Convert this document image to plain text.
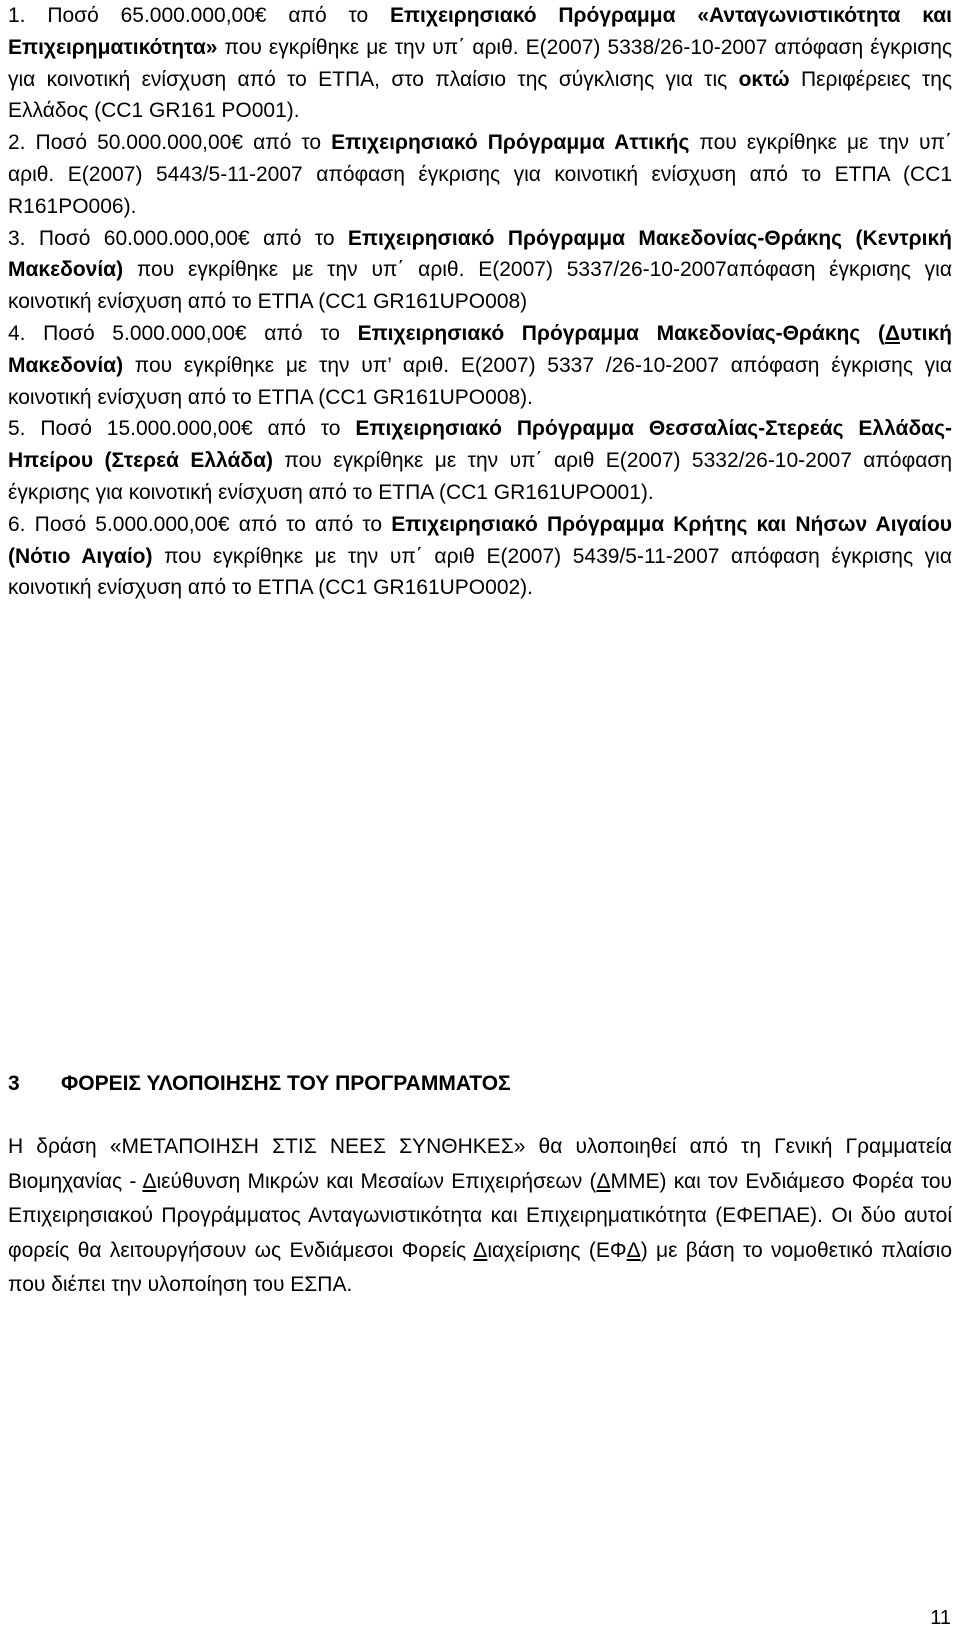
1. Ποσό 65.000.000,00€ από το Επιχειρησιακό Πρόγραμμα «Ανταγωνιστικότητα και Επιχειρηματικότητα» που εγκρίθηκε με την υπ΄ αριθ. Ε(2007) 5338/26-10-2007 απόφαση έγκρισης για κοινοτική ενίσχυση από το ΕΤΠΑ, στο πλαίσιο της σύγκλισης για τις οκτώ Περιφέρειες της Ελλάδος (CC1 GR161 PO001).

2. Ποσό 50.000.000,00€ από το Επιχειρησιακό Πρόγραμμα Αττικής που εγκρίθηκε με την υπ΄ αριθ. Ε(2007) 5443/5-11-2007 απόφαση έγκρισης για κοινοτική ενίσχυση από το ΕΤΠΑ (CC1 R161PO006).

3. Ποσό 60.000.000,00€ από το Επιχειρησιακό Πρόγραμμα Μακεδονίας-Θράκης (Κεντρική Μακεδονία) που εγκρίθηκε με την υπ΄ αριθ. Ε(2007) 5337/26-10-2007απόφαση έγκρισης για κοινοτική ενίσχυση από το ΕΤΠΑ (CC1 GR161UPO008)

4. Ποσό 5.000.000,00€ από το Επιχειρησιακό Πρόγραμμα Μακεδονίας-Θράκης (Δυτική Μακεδονία) που εγκρίθηκε με την υπ’ αριθ. Ε(2007) 5337 /26-10-2007 απόφαση έγκρισης για κοινοτική ενίσχυση από το ΕΤΠΑ (CC1 GR161UPO008).

5. Ποσό 15.000.000,00€ από το Επιχειρησιακό Πρόγραμμα Θεσσαλίας-Στερεάς Ελλάδας-Ηπείρου (Στερεά Ελλάδα) που εγκρίθηκε με την υπ΄ αριθ Ε(2007) 5332/26-10-2007 απόφαση έγκρισης για κοινοτική ενίσχυση από το ΕΤΠΑ (CC1 GR161UPO001).

6. Ποσό 5.000.000,00€ από το από το Επιχειρησιακό Πρόγραμμα Κρήτης και Νήσων Αιγαίου (Νότιο Αιγαίο) που εγκρίθηκε με την υπ΄ αριθ Ε(2007) 5439/5-11-2007 απόφαση έγκρισης για κοινοτική ενίσχυση από το ΕΤΠΑ (CC1 GR161UPO002).

3 ΦΟΡΕΙΣ ΥΛΟΠΟΙΗΣΗΣ ΤΟΥ ΠΡΟΓΡΑΜΜΑΤΟΣ

Η δράση «ΜΕΤΑΠΟΙΗΣΗ ΣΤΙΣ ΝΕΕΣ ΣΥΝΘΗΚΕΣ» θα υλοποιηθεί από τη Γενική Γραμματεία Βιομηχανίας - Διεύθυνση Μικρών και Μεσαίων Επιχειρήσεων (ΔΜΜΕ) και τον Ενδιάμεσο Φορέα του Επιχειρησιακού Προγράμματος Ανταγωνιστικότητα και Επιχειρηματικότητα (ΕΦΕΠΑΕ). Οι δύο αυτοί φορείς θα λειτουργήσουν ως Ενδιάμεσοι Φορείς Διαχείρισης (ΕΦΔ) με βάση το νομοθετικό πλαίσιο που διέπει την υλοποίηση του ΕΣΠΑ.

11
